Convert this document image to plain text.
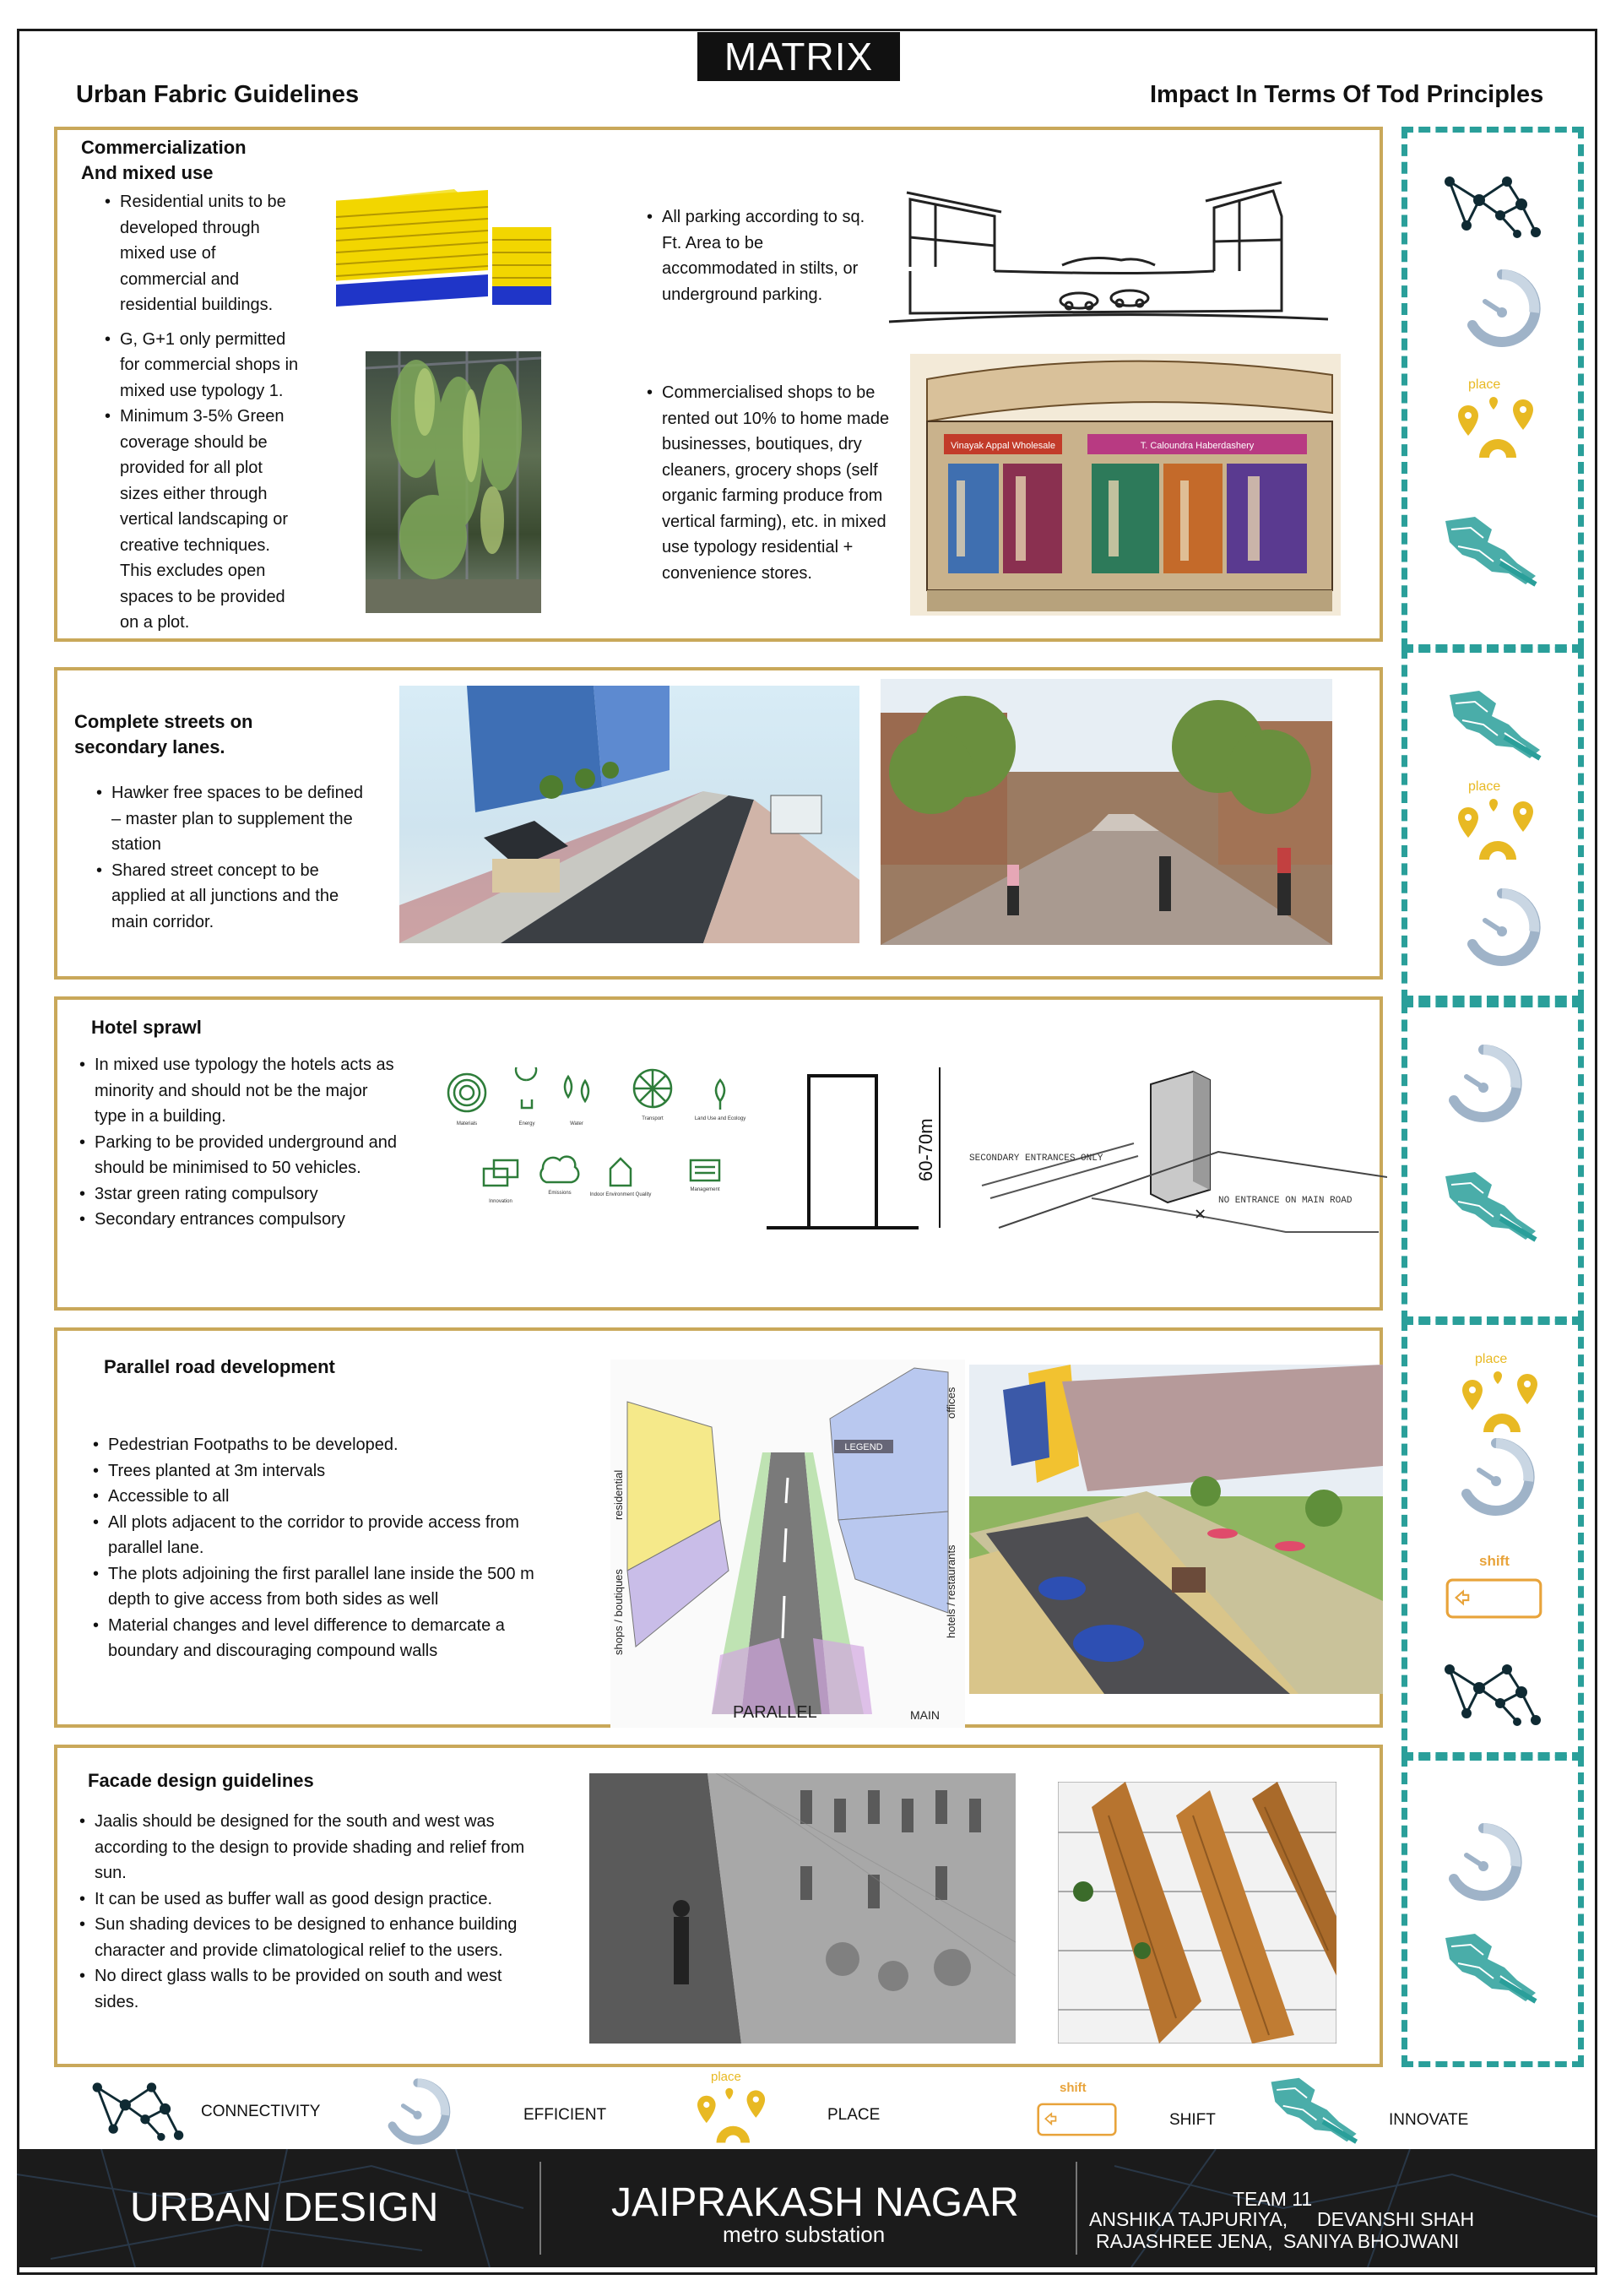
MATRIX
Urban Fabric Guidelines	Impact In Terms Of Tod Principles
Commercialization
And mixed use
• Residential units to be developed through mixed use of commercial and residential buildings.
• G, G+1 only permitted for commercial shops in mixed use typology 1.
• Minimum 3-5% Green coverage should be provided for all plot sizes either through vertical landscaping or creative techniques. This excludes open spaces to be provided on a plot.
• All parking according to sq. Ft. Area to be accommodated in stilts, or underground parking.
• Commercialised shops to be rented out 10% to home made businesses, boutiques, dry cleaners, grocery shops (self organic farming produce from vertical farming), etc. in mixed use typology residential + convenience stores.
Vinayak Appal Wholesale	T. Caloundra Haberdashery
Complete streets on
secondary lanes.
• Hawker free spaces to be defined – master plan to supplement the station
• Shared street concept to be applied at all junctions and the main corridor.
Hotel sprawl
• In mixed use typology the hotels acts as minority and should not be the major type in a building.
• Parking to be provided underground and should be minimised to 50 vehicles.
• 3star green rating compulsory
• Secondary entrances compulsory
Materials	Energy	Water
Transport	Land Use and Ecology
Innovation
Emissions	Indoor Environment Quality
Management
60-70m	SECONDARY ENTRANCES ONLY
NO ENTRANCE ON MAIN ROAD
✕
Parallel road development
• Pedestrian Footpaths to be developed.
• Trees planted at 3m intervals
• Accessible to all
• All plots adjacent to the corridor to provide access from parallel lane.
• The plots adjoining the first parallel lane inside the 500 m depth to give access from both sides as well
• Material changes and level difference to demarcate a boundary and discouraging compound walls
LEGEND
residential
shops / boutiques
offices
hotels / restaurants
PARALLEL	MAIN
Facade design guidelines
• Jaalis should be designed for the south and west was according to the design to provide shading and relief from sun.
• It can be used as buffer wall as good design practice.
• Sun shading devices to be designed to enhance building character and provide climatological relief to the users.
• No direct glass walls to be provided on south and west sides.
place
place
place
shift
CONNECTIVITY	EFFICIENT
place
PLACE
shift
SHIFT	INNOVATE
URBAN DESIGN	JAIPRAKASH NAGAR
metro substation
TEAM 11
ANSHIKA TAJPURIYA, DEVANSHI SHAH
RAJASHREE JENA, SANIYA BHOJWANI
